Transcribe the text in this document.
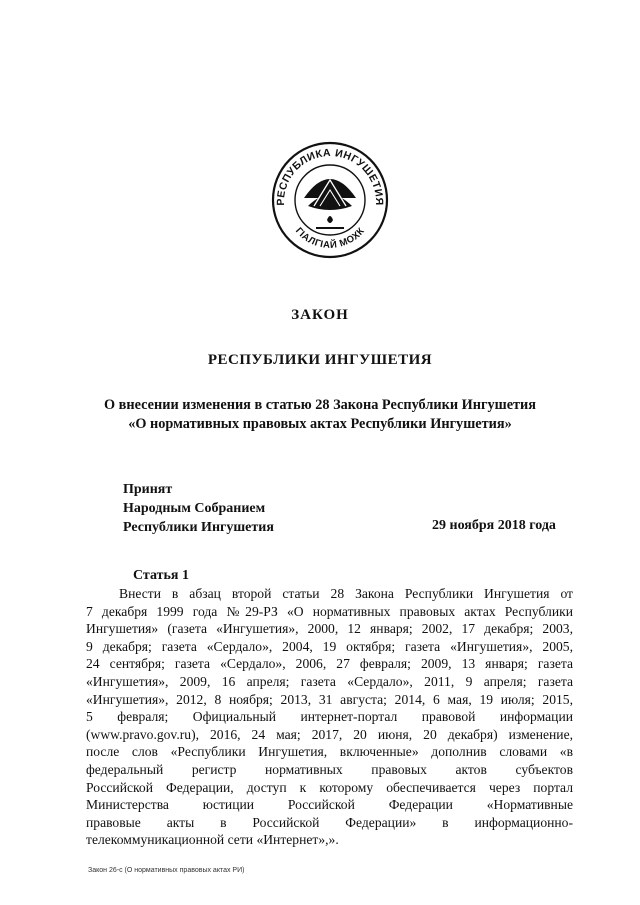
РЕСПУБЛИКА ИНГУШЕТИЯ
ГІАЛГІАЙ МОХК
ЗАКОН
РЕСПУБЛИКИ ИНГУШЕТИЯ
О внесении изменения в статью 28 Закона Республики Ингушетия
«О нормативных правовых актах Республики Ингушетия»
Принят
Народным Собранием
Республики Ингушетия	29 ноября 2018 года
Статья 1
Внести в абзац второй статьи 28 Закона Республики Ингушетия от
7 декабря 1999 года №29-РЗ «О нормативных правовых актах Республики
Ингушетия» (газета «Ингушетия», 2000, 12 января; 2002, 17 декабря; 2003,
9 декабря; газета «Сердало», 2004, 19 октября; газета «Ингушетия», 2005,
24 сентября; газета «Сердало», 2006, 27 февраля; 2009, 13 января; газета
«Ингушетия», 2009, 16 апреля; газета «Сердало», 2011, 9 апреля; газета
«Ингушетия», 2012, 8 ноября; 2013, 31 августа; 2014, 6 мая, 19 июля; 2015,
5 февраля; Официальный интернет-портал правовой информации
(www.pravo.gov.ru), 2016, 24 мая; 2017, 20 июня, 20 декабря) изменение,
после слов «Республики Ингушетия, включенные» дополнив словами «в
федеральный регистр нормативных правовых актов субъектов
Российской Федерации, доступ к которому обеспечивается через портал
Министерства юстиции Российской Федерации «Нормативные
правовые акты в Российской Федерации» в информационно-
телекоммуникационной сети «Интернет»,».
Закон 26-с (О нормативных правовых актах РИ)
